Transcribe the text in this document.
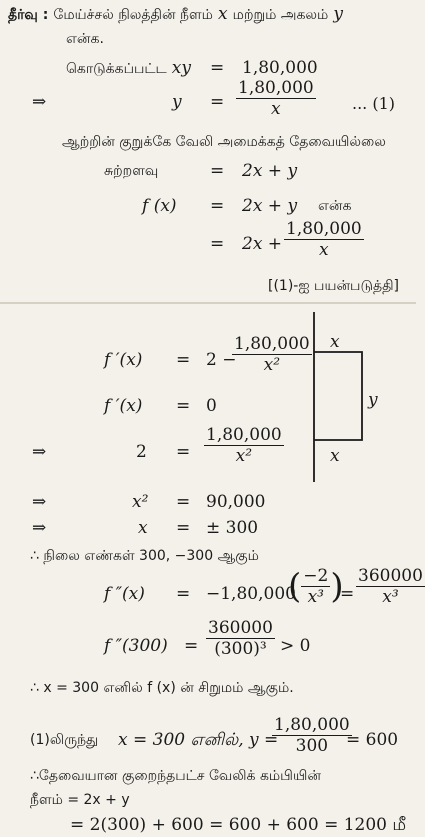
தீர்வு : மேய்ச்சல் நிலத்தின் நீளம் x மற்றும் அகலம் y
என்க.
கொடுக்கப்பட்ட xy = 1,80,000
⇒	$y = \frac{1,80,000}{x}$ ... (1)
ஆற்றின் குறுக்கே வேலி அமைக்கத் தேவையில்லை
சுற்றளவு	= 2x + y
f (x) = 2x + y என்க
= $2x + \frac{1,80,000}{x}$
[(1)-ஐ பயன்படுத்தி]
f ′(x) = 2 −
$\frac{1,80,000}{\text{x²}}$
f ′(x) = 0
⇒	$2 = \frac{1,80,000}{\text{x²}}$
⇒	x² = 90,000
⇒	x = ± 300
∴ நிலை எண்கள் 300, −300 ஆகும்
f ″(x) = −1,80,000
( $\frac{-2}{\text{x³}}$ )
= $\frac{360000}{\text{x³}}$
f $''(300) = \frac{360000}{\text{(300)³}} > 0$
∴ x = 300 எனில் f (x) ன் சிறுமம் ஆகும்.
(1)லிருந்து x = 300 எனில், y =
$\frac{1,80,000}{300}$
= 600
∴தேவையான குறைந்தபட்ச வேலிக் கம்பியின்
நீளம் = 2x + y
= 2(300) + 600 = 600 + 600 = 1200 மீ
x
y
x
